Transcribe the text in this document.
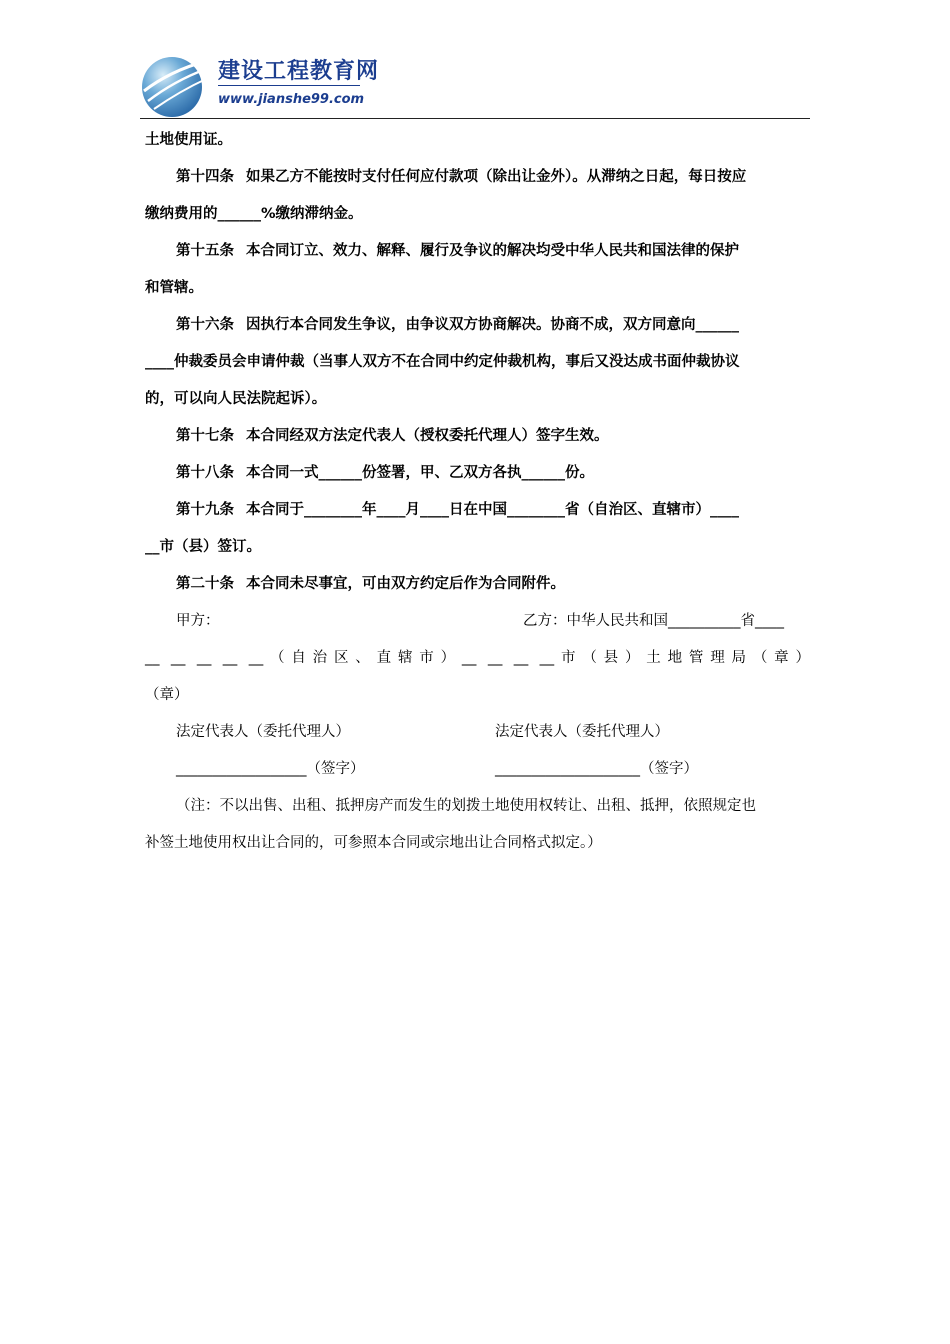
建设工程教育网
www.jianshe99.com
土地使用证。
第十四条 如果乙方不能按时支付任何应付款项（除出让金外）。从滞纳之日起，每日按应
缴纳费用的______%缴纳滞纳金。
第十五条 本合同订立、效力、解释、履行及争议的解决均受中华人民共和国法律的保护
和管辖。
第十六条 因执行本合同发生争议，由争议双方协商解决。协商不成，双方同意向______
____仲裁委员会申请仲裁（当事人双方不在合同中约定仲裁机构，事后又没达成书面仲裁协议
的，可以向人民法院起诉）。
第十七条 本合同经双方法定代表人（授权委托代理人）签字生效。
第十八条 本合同一式______份签署，甲、乙双方各执______份。
第十九条 本合同于________年____月____日在中国________省（自治区、直辖市）____
__市（县）签订。
第二十条 本合同未尽事宜，可由双方约定后作为合同附件。
甲方：	乙方：中华人民共和国__________省____
__ __ __ __ __（自治区、直辖市）__ __ __ __市（县）土地管理局（章）
（章）
法定代表人（委托代理人）	法定代表人（委托代理人）
__________________（签字）	____________________（签字）
（注：不以出售、出租、抵押房产而发生的划拨土地使用权转让、出租、抵押，依照规定也
补签土地使用权出让合同的，可参照本合同或宗地出让合同格式拟定。）
